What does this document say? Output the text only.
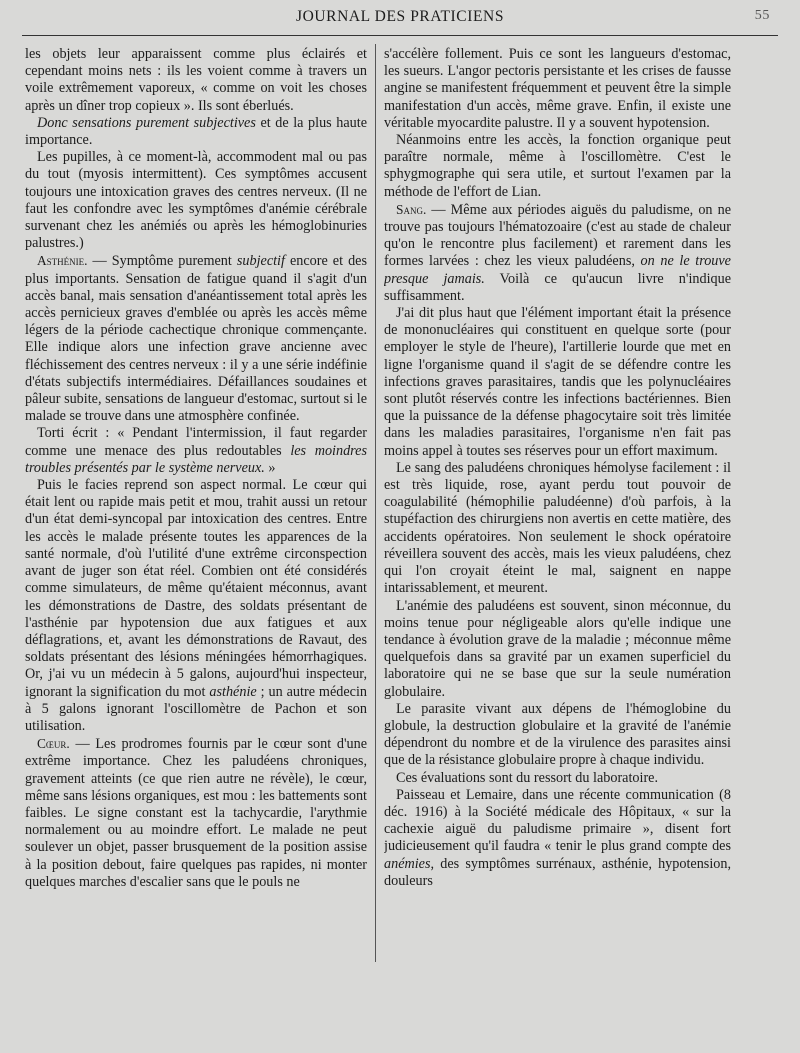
JOURNAL DES PRATICIENS	55

les objets leur apparaissent comme plus éclairés et cependant moins nets : ils les voient comme à travers un voile extrêmement vaporeux, « comme on voit les choses après un dîner trop copieux ». Ils sont éberlués.

Donc sensations purement subjectives et de la plus haute importance.

Les pupilles, à ce moment-là, accommodent mal ou pas du tout (myosis intermittent). Ces symptômes accusent toujours une intoxication graves des centres nerveux. (Il ne faut les confondre avec les symptômes d'anémie cérébrale survenant chez les anémiés ou après les hémoglobinuries palustres.)

Asthénie. — Symptôme purement subjectif encore et des plus importants. Sensation de fatigue quand il s'agit d'un accès banal, mais sensation d'anéantissement total après les accès pernicieux graves d'emblée ou après les accès même légers de la période cachectique chronique commençante. Elle indique alors une infection grave ancienne avec fléchissement des centres nerveux : il y a une série indéfinie d'états subjectifs intermédiaires. Défaillances soudaines et pâleur subite, sensations de langueur d'estomac, surtout si le malade se trouve dans une atmosphère confinée.

Torti écrit : « Pendant l'intermission, il faut regarder comme une menace des plus redoutables les moindres troubles présentés par le système nerveux. »

Puis le facies reprend son aspect normal. Le cœur qui était lent ou rapide mais petit et mou, trahit aussi un retour d'un état demi-syncopal par intoxication des centres. Entre les accès le malade présente toutes les apparences de la santé normale, d'où l'utilité d'une extrême circonspection avant de juger son état réel. Combien ont été considérés comme simulateurs, de même qu'étaient méconnus, avant les démonstrations de Dastre, des soldats présentant de l'asthénie par hypotension due aux fatigues et aux déflagrations, et, avant les démonstrations de Ravaut, des soldats présentant des lésions méningées hémorrhagiques. Or, j'ai vu un médecin à 5 galons, aujourd'hui inspecteur, ignorant la signification du mot asthénie ; un autre médecin à 5 galons ignorant l'oscillomètre de Pachon et son utilisation.

Cœur. — Les prodromes fournis par le cœur sont d'une extrême importance. Chez les paludéens chroniques, gravement atteints (ce que rien autre ne révèle), le cœur, même sans lésions organiques, est mou : les battements sont faibles. Le signe constant est la tachycardie, l'arythmie normalement ou au moindre effort. Le malade ne peut soulever un objet, passer brusquement de la position assise à la position debout, faire quelques pas rapides, ni monter quelques marches d'escalier sans que le pouls ne

s'accélère follement. Puis ce sont les langueurs d'estomac, les sueurs. L'angor pectoris persistante et les crises de fausse angine se manifestent fréquemment et peuvent être la simple manifestation d'un accès, même grave. Enfin, il existe une véritable myocardite palustre. Il y a souvent hypotension.

Néanmoins entre les accès, la fonction organique peut paraître normale, même à l'oscillomètre. C'est le sphygmographe qui sera utile, et surtout l'examen par la méthode de l'effort de Lian.

Sang. — Même aux périodes aiguës du paludisme, on ne trouve pas toujours l'hématozoaire (c'est au stade de chaleur qu'on le rencontre plus facilement) et rarement dans les formes larvées : chez les vieux paludéens, on ne le trouve presque jamais. Voilà ce qu'aucun livre n'indique suffisamment.

J'ai dit plus haut que l'élément important était la présence de mononucléaires qui constituent en quelque sorte (pour employer le style de l'heure), l'artillerie lourde que met en ligne l'organisme quand il s'agit de se défendre contre les infections graves parasitaires, tandis que les polynucléaires sont plutôt réservés contre les infections bactériennes. Bien que la puissance de la défense phagocytaire soit très limitée dans les maladies parasitaires, l'organisme n'en fait pas moins appel à toutes ses réserves pour un effort maximum.

Le sang des paludéens chroniques hémolyse facilement : il est très liquide, rose, ayant perdu tout pouvoir de coagulabilité (hémophilie paludéenne) d'où parfois, à la stupéfaction des chirurgiens non avertis en cette matière, des accidents opératoires. Non seulement le shock opératoire réveillera souvent des accès, mais les vieux paludéens, chez qui l'on croyait éteint le mal, saignent en nappe intarissablement, et meurent.

L'anémie des paludéens est souvent, sinon méconnue, du moins tenue pour négligeable alors qu'elle indique une tendance à évolution grave de la maladie ; méconnue même quelquefois dans sa gravité par un examen superficiel du laboratoire qui ne se base que sur la seule numération globulaire.

Le parasite vivant aux dépens de l'hémoglobine du globule, la destruction globulaire et la gravité de l'anémie dépendront du nombre et de la virulence des parasites ainsi que de la résistance globulaire propre à chaque individu.

Ces évaluations sont du ressort du laboratoire.

Paisseau et Lemaire, dans une récente communication (8 déc. 1916) à la Société médicale des Hôpitaux, « sur la cachexie aiguë du paludisme primaire », disent fort judicieusement qu'il faudra « tenir le plus grand compte des anémies, des symptômes surrénaux, asthénie, hypotension, douleurs
